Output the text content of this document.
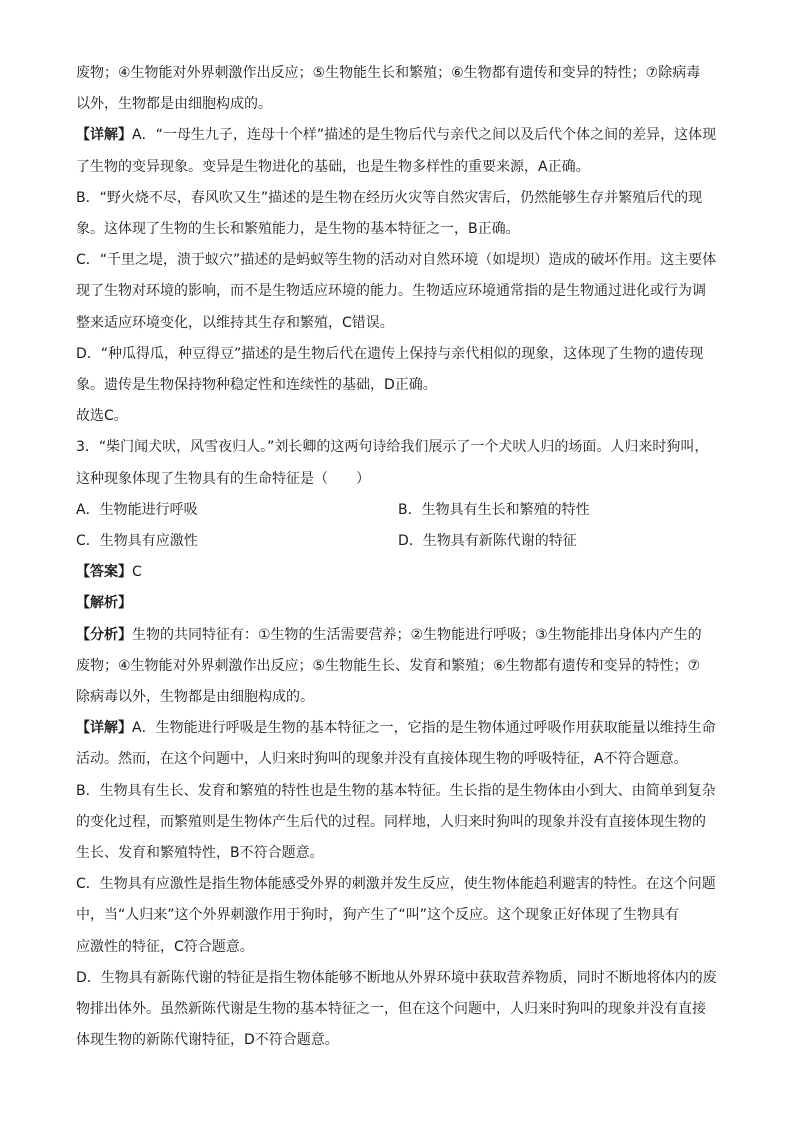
废物；④生物能对外界刺激作出反应；⑤生物能生长和繁殖；⑥生物都有遗传和变异的特性；⑦除病毒

以外，生物都是由细胞构成的。

【详解】A．“一母生九子，连母十个样”描述的是生物后代与亲代之间以及后代个体之间的差异，这体现

了生物的变异现象。变异是生物进化的基础，也是生物多样性的重要来源，A正确。

B．“野火烧不尽，春风吹又生”描述的是生物在经历火灾等自然灾害后，仍然能够生存并繁殖后代的现

象。这体现了生物的生长和繁殖能力，是生物的基本特征之一，B正确。

C．“千里之堤，溃于蚁穴”描述的是蚂蚁等生物的活动对自然环境（如堤坝）造成的破坏作用。这主要体

现了生物对环境的影响，而不是生物适应环境的能力。生物适应环境通常指的是生物通过进化或行为调

整来适应环境变化，以维持其生存和繁殖，C错误。

D．“种瓜得瓜，种豆得豆”描述的是生物后代在遗传上保持与亲代相似的现象，这体现了生物的遗传现

象。遗传是生物保持物种稳定性和连续性的基础，D正确。

故选C。

3．“柴门闻犬吠，风雪夜归人。”刘长卿的这两句诗给我们展示了一个犬吠人归的场面。人归来时狗叫，

这种现象体现了生物具有的生命特征是（　　）

A．生物能进行呼吸	B．生物具有生长和繁殖的特性
C．生物具有应激性	D．生物具有新陈代谢的特征

【答案】C

【解析】

【分析】生物的共同特征有：①生物的生活需要营养；②生物能进行呼吸；③生物能排出身体内产生的

废物；④生物能对外界刺激作出反应；⑤生物能生长、发育和繁殖；⑥生物都有遗传和变异的特性；⑦

除病毒以外，生物都是由细胞构成的。

【详解】A．生物能进行呼吸是生物的基本特征之一，它指的是生物体通过呼吸作用获取能量以维持生命

活动。然而，在这个问题中，人归来时狗叫的现象并没有直接体现生物的呼吸特征，A不符合题意。

B．生物具有生长、发育和繁殖的特性也是生物的基本特征。生长指的是生物体由小到大、由简单到复杂

的变化过程，而繁殖则是生物体产生后代的过程。同样地，人归来时狗叫的现象并没有直接体现生物的

生长、发育和繁殖特性，B不符合题意。

C．生物具有应激性是指生物体能感受外界的刺激并发生反应，使生物体能趋利避害的特性。在这个问题

中，当“人归来”这个外界刺激作用于狗时，狗产生了“叫”这个反应。这个现象正好体现了生物具有

应激性的特征，C符合题意。

D．生物具有新陈代谢的特征是指生物体能够不断地从外界环境中获取营养物质，同时不断地将体内的废

物排出体外。虽然新陈代谢是生物的基本特征之一，但在这个问题中，人归来时狗叫的现象并没有直接

体现生物的新陈代谢特征，D不符合题意。
